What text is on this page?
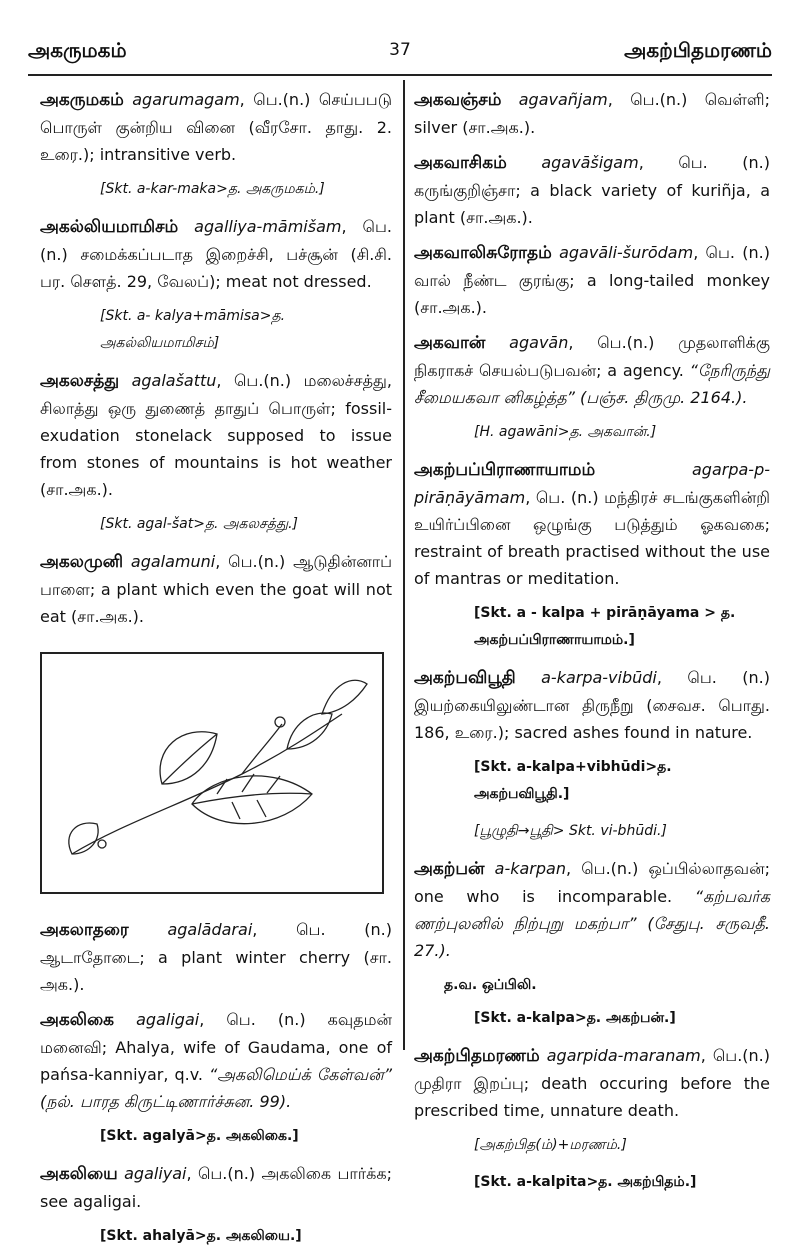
அகருமகம்	37	அகற்பிதமரணம்
அகருமகம் agarumagam, பெ.(n.) செய்பபடு பொருள் குன்றிய வினை (வீரசோ. தாது. 2. உரை.); intransitive verb.
[Skt. a-kar-maka>த. அகருமகம்.]
அகல்லியமாமிசம் agalliya-māmišam, பெ.(n.) சமைக்கப்படாத இறைச்சி, பச்சூன் (சி.சி. பர. சௌத். 29, வேலப்); meat not dressed.
[Skt. a- kalya+māmisa>த. அகல்லியமாமிசம்]
அகலசத்து agalašattu, பெ.(n.) மலைச்சத்து, சிலாத்து ஒரு துணைத் தாதுப் பொருள்; fossil-exudation stonelack supposed to issue from stones of mountains is hot weather (சா.அக.).
[Skt. agal-šat>த. அகலசத்து.]
அகலமுனி agalamuni, பெ.(n.) ஆடுதின்னாப் பாளை; a plant which even the goat will not eat (சா.அக.).
அகலாதரை agalādarai, பெ. (n.) ஆடாதோடை; a plant winter cherry (சா. அக.).
அகலிகை agaligai, பெ. (n.) கவுதமன் மனைவி; Ahalya, wife of Gaudama, one of pańsa-kanniyar, q.v. “அகலிமெய்க் கேள்வன்” (நல். பாரத கிருட்டிணார்ச்சுன. 99).
[Skt. agalyā>த. அகலிகை.]
அகலியை agaliyai, பெ.(n.) அகலிகை பார்க்க; see agaligai.
[Skt. ahalyā>த. அகலியை.]
அகவஞ்சம் agavañjam, பெ.(n.) வெள்ளி; silver (சா.அக.).
அகவாசிகம் agavāšigam, பெ. (n.) கருங்குறிஞ்சா; a black variety of kuriñja, a plant (சா.அக.).
அகவாலிசுரோதம் agavāli-šurōdam, பெ. (n.) வால் நீண்ட குரங்கு; a long-tailed monkey (சா.அக.).
அகவான் agavān, பெ.(n.) முதலாளிக்கு நிகராகச் செயல்படுபவன்; a agency. “நேரிருந்து சீமையகவா னிகழ்த்த” (பஞ்ச. திருமு. 2164.).
[H. agawāni>த. அகவான்.]
அகற்பப்பிராணாயாமம்	agarpa-p-pirāṇāyāmam, பெ. (n.) மந்திரச் சடங்குகளின்றி உயிர்ப்பினை ஒழுங்கு படுத்தும் ஓகவகை; restraint of breath practised without the use of mantras or meditation.
[Skt. a - kalpa + pirāṇāyama > த. அகற்பப்பிராணாயாமம்.]
அகற்பவிபூதி a-karpa-vibūdi, பெ. (n.) இயற்கையிலுண்டான திருநீறு (சைவச. பொது. 186, உரை.); sacred ashes found in nature.
[Skt. a-kalpa+vibhūdi>த. அகற்பவிபூதி.]
[பூழுதி→பூதி> Skt. vi-bhūdi.]
அகற்பன் a-karpan, பெ.(n.) ஒப்பில்லாதவன்; one who is incomparable. “கற்பவர்க ணற்புலனில் நிற்புறு மகற்பா” (சேதுபு. சருவதீ. 27.).
த.வ. ஒப்பிலி.
[Skt. a-kalpa>த. அகற்பன்.]
அகற்பிதமரணம் agarpida-maranam, பெ.(n.) முதிரா இறப்பு; death occuring before the prescribed time, unnature death.
[அகற்பித(ம்)+மரணம்.]
[Skt. a-kalpita>த. அகற்பிதம்.]
